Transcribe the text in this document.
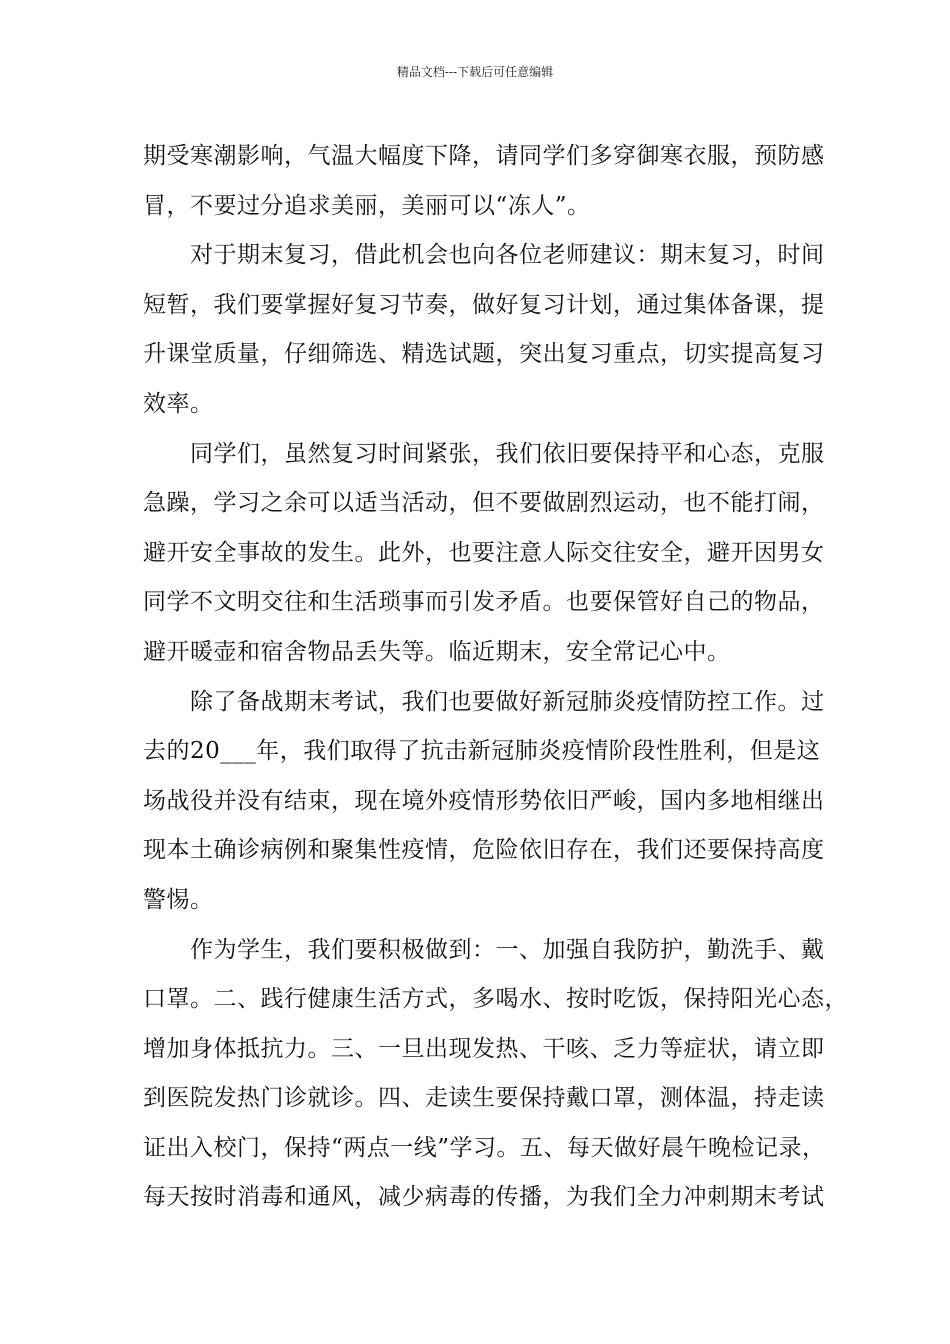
精品文档---下载后可任意编辑
期受寒潮影响，气温大幅度下降，请同学们多穿御寒衣服，预防感
冒，不要过分追求美丽，美丽可以“冻人”。
对于期末复习，借此机会也向各位老师建议：期末复习，时间
短暂，我们要掌握好复习节奏，做好复习计划，通过集体备课，提
升课堂质量，仔细筛选、精选试题，突出复习重点，切实提高复习
效率。
同学们，虽然复习时间紧张，我们依旧要保持平和心态，克服
急躁，学习之余可以适当活动，但不要做剧烈运动，也不能打闹，
避开安全事故的发生。此外，也要注意人际交往安全，避开因男女
同学不文明交往和生活琐事而引发矛盾。也要保管好自己的物品，
避开暖壶和宿舍物品丢失等。临近期末，安全常记心中。
除了备战期末考试，我们也要做好新冠肺炎疫情防控工作。过
去的20___年，我们取得了抗击新冠肺炎疫情阶段性胜利，但是这
场战役并没有结束，现在境外疫情形势依旧严峻，国内多地相继出
现本土确诊病例和聚集性疫情，危险依旧存在，我们还要保持高度
警惕。
作为学生，我们要积极做到：一、加强自我防护，勤洗手、戴
口罩。二、践行健康生活方式，多喝水、按时吃饭，保持阳光心态，
增加身体抵抗力。三、一旦出现发热、干咳、乏力等症状，请立即
到医院发热门诊就诊。四、走读生要保持戴口罩，测体温，持走读
证出入校门，保持“两点一线”学习。五、每天做好晨午晚检记录，
每天按时消毒和通风，减少病毒的传播，为我们全力冲刺期末考试
